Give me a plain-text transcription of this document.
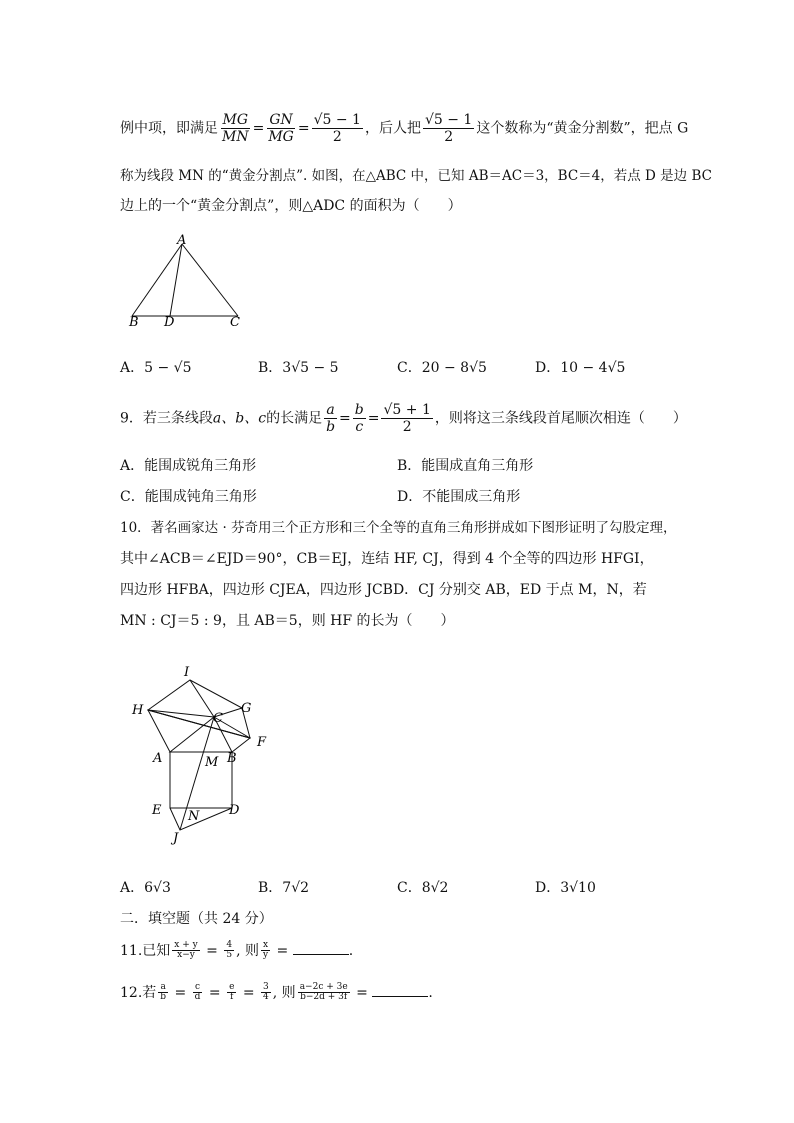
例中项，即满足 $\frac{MG}{MN} = \frac{GN}{MG} = \frac{√5 - 1}{2}$ ，后人把 $\frac{√5 - 1}{2}$ 这个数称为“黄金分割数”，把点 G
称为线段 MN 的“黄金分割点”. 如图，在△ABC 中，已知 AB＝AC＝3，BC＝4，若点 D 是边 BC
边上的一个“黄金分割点”，则△ADC 的面积为（　　）
A
B D	C
A．5 − √5	B．3√5 − 5	C．20 − 8√5	D．10 − 4√5
9．若三条线段a、b、c的长满足 $\frac{a}{b} = \frac{b}{c} = \frac{√5 + 1}{2}$ ，则将这三条线段首尾顺次相连（　　）
A．能围成锐角三角形	B．能围成直角三角形
C．能围成钝角三角形	D．不能围成三角形
10．著名画家达 · 芬奇用三个正方形和三个全等的直角三角形拼成如下图形证明了勾股定理，
其中∠ACB＝∠EJD＝90°，CB＝EJ，连结 HF, CJ，得到 4 个全等的四边形 HFGI，
四边形 HFBA，四边形 CJEA，四边形 JCBD．CJ 分别交 AB，ED 于点 M，N，若
MN : CJ＝5 : 9，且 AB＝5，则 HF 的长为（　　）
I
H	G
C
F
A	M B
E N D
J
A．6√3	B．7√2	C．8√2	D．3√10
二．填空题（共 24 分）
11.已知 $\frac{x + y}{x-y} = \frac{4}{5}$ , 则 $\frac{x}{y}$ =	.
12.若 $\frac{a}{b} = \frac{c}{d} = \frac{e}{f} = \frac{3}{4}$ , 则 $\frac{a-2c + 3e}{b-2d + 3f}$ =	.
